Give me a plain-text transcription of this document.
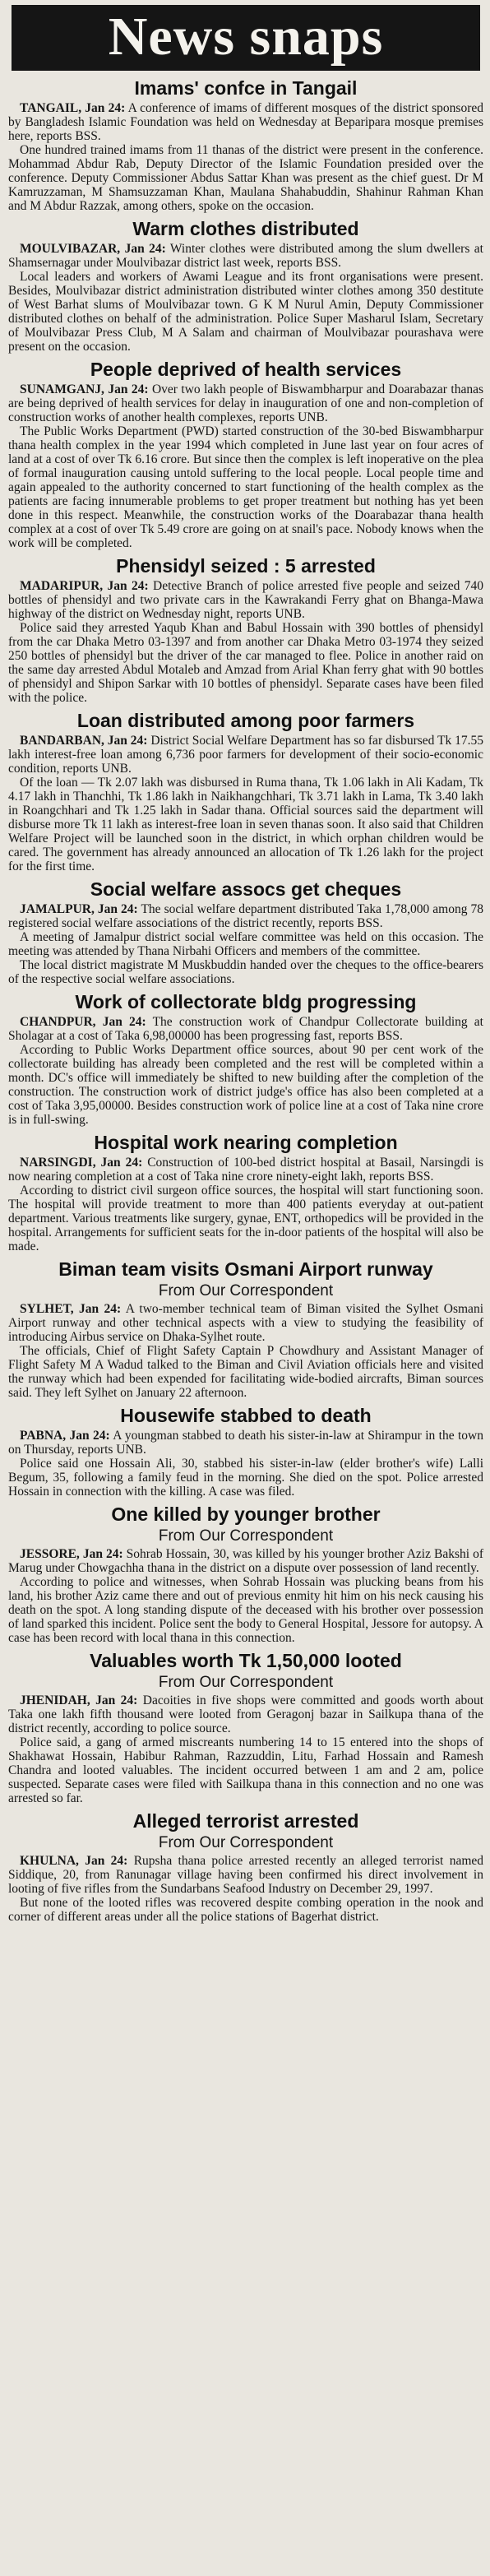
News snaps
Imams' confce in Tangail

TANGAIL, Jan 24: A conference of imams of different mosques of the district sponsored by Bangladesh Islamic Foundation was held on Wednesday at Beparipara mosque premises here, reports BSS.

One hundred trained imams from 11 thanas of the district were present in the conference. Mohammad Abdur Rab, Deputy Director of the Islamic Foundation presided over the conference. Deputy Commissioner Abdus Sattar Khan was present as the chief guest. Dr M Kamruzzaman, M Shamsuzzaman Khan, Maulana Shahabuddin, Shahinur Rahman Khan and M Abdur Razzak, among others, spoke on the occasion.

Warm clothes distributed

MOULVIBAZAR, Jan 24: Winter clothes were distributed among the slum dwellers at Shamsernagar under Moulvibazar district last week, reports BSS.

Local leaders and workers of Awami League and its front organisations were present. Besides, Moulvibazar district administration distributed winter clothes among 350 destitute of West Barhat slums of Moulvibazar town. G K M Nurul Amin, Deputy Commissioner distributed clothes on behalf of the administration. Police Super Masharul Islam, Secretary of Moulvibazar Press Club, M A Salam and chairman of Moulvibazar pourashava were present on the occasion.

People deprived of health services

SUNAMGANJ, Jan 24: Over two lakh people of Biswambharpur and Doarabazar thanas are being deprived of health services for delay in inauguration of one and non-completion of construction works of another health complexes, reports UNB.

The Public Works Department (PWD) started construction of the 30-bed Biswambharpur thana health complex in the year 1994 which completed in June last year on four acres of land at a cost of over Tk 6.16 crore. But since then the complex is left inoperative on the plea of formal inauguration causing untold suffering to the local people. Local people time and again appealed to the authority concerned to start functioning of the health complex as the patients are facing innumerable problems to get proper treatment but nothing has yet been done in this respect. Meanwhile, the construction works of the Doarabazar thana health complex at a cost of over Tk 5.49 crore are going on at snail's pace. Nobody knows when the work will be completed.

Phensidyl seized : 5 arrested

MADARIPUR, Jan 24: Detective Branch of police arrested five people and seized 740 bottles of phensidyl and two private cars in the Kawrakandi Ferry ghat on Bhanga-Mawa highway of the district on Wednesday night, reports UNB.

Police said they arrested Yaqub Khan and Babul Hossain with 390 bottles of phensidyl from the car Dhaka Metro 03-1397 and from another car Dhaka Metro 03-1974 they seized 250 bottles of phensidyl but the driver of the car managed to flee. Police in another raid on the same day arrested Abdul Motaleb and Amzad from Arial Khan ferry ghat with 90 bottles of phensidyl and Shipon Sarkar with 10 bottles of phensidyl. Separate cases have been filed with the police.

Loan distributed among poor farmers

BANDARBAN, Jan 24: District Social Welfare Department has so far disbursed Tk 17.55 lakh interest-free loan among 6,736 poor farmers for development of their socio-economic condition, reports UNB.

Of the loan — Tk 2.07 lakh was disbursed in Ruma thana, Tk 1.06 lakh in Ali Kadam, Tk 4.17 lakh in Thanchhi, Tk 1.86 lakh in Naikhangchhari, Tk 3.71 lakh in Lama, Tk 3.40 lakh in Roangchhari and Tk 1.25 lakh in Sadar thana. Official sources said the department will disburse more Tk 11 lakh as interest-free loan in seven thanas soon. It also said that Children Welfare Project will be launched soon in the district, in which orphan children would be cared. The government has already announced an allocation of Tk 1.26 lakh for the project for the first time.

Social welfare assocs get cheques

JAMALPUR, Jan 24: The social welfare department distributed Taka 1,78,000 among 78 registered social welfare associations of the district recently, reports BSS.

A meeting of Jamalpur district social welfare committee was held on this occasion. The meeting was attended by Thana Nirbahi Officers and members of the committee.

The local district magistrate M Muskbuddin handed over the cheques to the office-bearers of the respective social welfare associations.

Work of collectorate bldg progressing

CHANDPUR, Jan 24: The construction work of Chandpur Collectorate building at Sholagar at a cost of Taka 6,98,00000 has been progressing fast, reports BSS.

According to Public Works Department office sources, about 90 per cent work of the collectorate building has already been completed and the rest will be completed within a month. DC's office will immediately be shifted to new building after the completion of the construction. The construction work of district judge's office has also been completed at a cost of Taka 3,95,00000. Besides construction work of police line at a cost of Taka nine crore is in full-swing.

Hospital work nearing completion

NARSINGDI, Jan 24: Construction of 100-bed district hospital at Basail, Narsingdi is now nearing completion at a cost of Taka nine crore ninety-eight lakh, reports BSS.

According to district civil surgeon office sources, the hospital will start functioning soon. The hospital will provide treatment to more than 400 patients everyday at out-patient department. Various treatments like surgery, gynae, ENT, orthopedics will be provided in the hospital. Arrangements for sufficient seats for the in-door patients of the hospital will also be made.

Biman team visits Osmani Airport runway
From Our Correspondent

SYLHET, Jan 24: A two-member technical team of Biman visited the Sylhet Osmani Airport runway and other technical aspects with a view to studying the feasibility of introducing Airbus service on Dhaka-Sylhet route.

The officials, Chief of Flight Safety Captain P Chowdhury and Assistant Manager of Flight Safety M A Wadud talked to the Biman and Civil Aviation officials here and visited the runway which had been expended for facilitating wide-bodied aircrafts, Biman sources said. They left Sylhet on January 22 afternoon.

Housewife stabbed to death

PABNA, Jan 24: A youngman stabbed to death his sister-in-law at Shirampur in the town on Thursday, reports UNB.

Police said one Hossain Ali, 30, stabbed his sister-in-law (elder brother's wife) Lalli Begum, 35, following a family feud in the morning. She died on the spot. Police arrested Hossain in connection with the killing. A case was filed.

One killed by younger brother
From Our Correspondent

JESSORE, Jan 24: Sohrab Hossain, 30, was killed by his younger brother Aziz Bakshi of Marug under Chowgachha thana in the district on a dispute over possession of land recently.

According to police and witnesses, when Sohrab Hossain was plucking beans from his land, his brother Aziz came there and out of previous enmity hit him on his neck causing his death on the spot. A long standing dispute of the deceased with his brother over possession of land sparked this incident. Police sent the body to General Hospital, Jessore for autopsy. A case has been record with local thana in this connection.

Valuables worth Tk 1,50,000 looted
From Our Correspondent

JHENIDAH, Jan 24: Dacoities in five shops were committed and goods worth about Taka one lakh fifth thousand were looted from Geragonj bazar in Sailkupa thana of the district recently, according to police source.

Police said, a gang of armed miscreants numbering 14 to 15 entered into the shops of Shakhawat Hossain, Habibur Rahman, Razzuddin, Litu, Farhad Hossain and Ramesh Chandra and looted valuables. The incident occurred between 1 am and 2 am, police suspected. Separate cases were filed with Sailkupa thana in this connection and no one was arrested so far.

Alleged terrorist arrested
From Our Correspondent

KHULNA, Jan 24: Rupsha thana police arrested recently an alleged terrorist named Siddique, 20, from Ranunagar village having been confirmed his direct involvement in looting of five rifles from the Sundarbans Seafood Industry on December 29, 1997.

But none of the looted rifles was recovered despite combing operation in the nook and corner of different areas under all the police stations of Bagerhat district.
